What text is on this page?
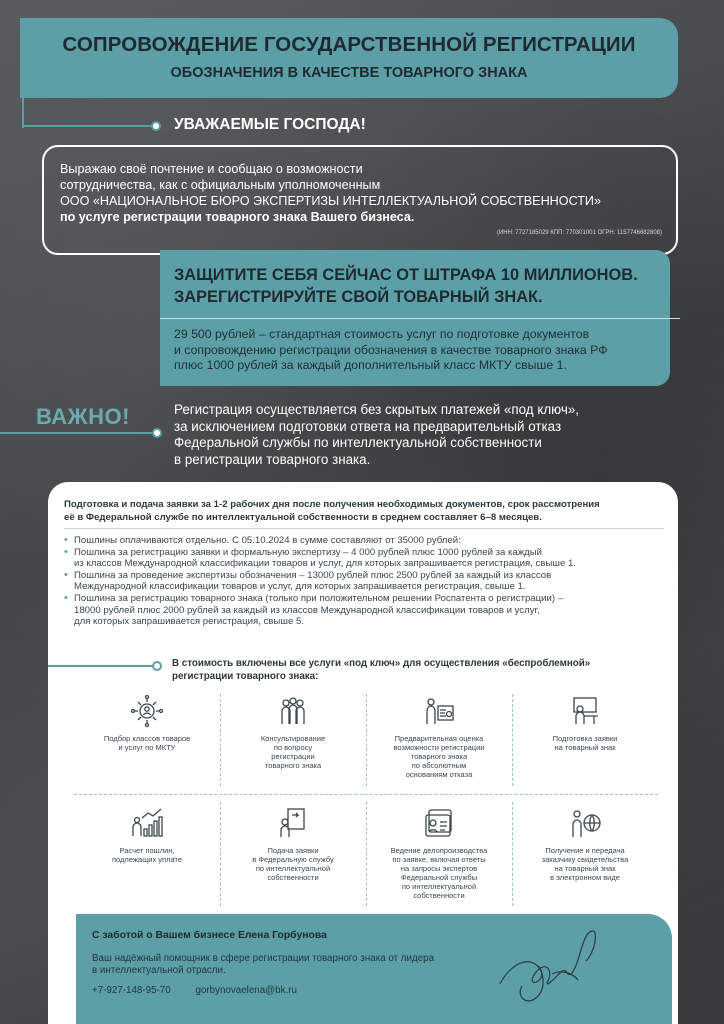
СОПРОВОЖДЕНИЕ ГОСУДАРСТВЕННОЙ РЕГИСТРАЦИИ
ОБОЗНАЧЕНИЯ В КАЧЕСТВЕ ТОВАРНОГО ЗНАКА
УВАЖАЕМЫЕ ГОСПОДА!
Выражаю своё почтение и сообщаю о возможности
сотрудничества, как с официальным уполномоченным
ООО «НАЦИОНАЛЬНОЕ БЮРО ЭКСПЕРТИЗЫ ИНТЕЛЛЕКТУАЛЬНОЙ СОБСТВЕННОСТИ»
по услуге регистрации товарного знака Вашего бизнеса.
(ИНН: 7727185029 КПП: 770301001 ОГРН: 1157746682808)
ЗАЩИТИТЕ СЕБЯ СЕЙЧАС ОТ ШТРАФА 10 МИЛЛИОНОВ.
ЗАРЕГИСТРИРУЙТЕ СВОЙ ТОВАРНЫЙ ЗНАК.
29 500 рублей – стандартная стоимость услуг по подготовке документов
и сопровождению регистрации обозначения в качестве товарного знака РФ
плюс 1000 рублей за каждый дополнительный класс МКТУ свыше 1.
ВАЖНО!	Регистрация осуществляется без скрытых платежей «под ключ»,
за исключением подготовки ответа на предварительный отказ
Федеральной службы по интеллектуальной собственности
в регистрации товарного знака.
Подготовка и подача заявки за 1-2 рабочих дня после получения необходимых документов, срок рассмотрения
её в Федеральной службе по интеллектуальной собственности в среднем составляет 6–8 месяцев.
• Пошлины оплачиваются отдельно. С 05.10.2024 в сумме составляют от 35000 рублей:
• Пошлина за регистрацию заявки и формальную экспертизу – 4 000 рублей плюс 1000 рублей за каждый
из классов Международной классификации товаров и услуг, для которых запрашивается регистрация, свыше 1.
• Пошлина за проведение экспертизы обозначения – 13000 рублей плюс 2500 рублей за каждый из классов
Международной классификации товаров и услуг, для которых запрашивается регистрация, свыше 1.
• Пошлина за регистрацию товарного знака (только при положительном решении Роспатента о регистрации) –
18000 рублей плюс 2000 рублей за каждый из классов Международной классификации товаров и услуг,
для которых запрашивается регистрация, свыше 5.
В стоимость включены все услуги «под ключ» для осуществления «беспроблемной»
регистрации товарного знака:
Подбор классов товаров
и услуг по МКТУ
Консультирование
по вопросу
регистрации
товарного знака
Предварительная оценка
возможности регистрации
товарного знака
по абсолютным
основаниям отказа
Подготовка заявки
на товарный знак
Расчет пошлин,
подлежащих уплате
Подача заявки
в Федеральную службу
по интеллектуальной
собственности
Ведение делопроизводства
по заявке, включая ответы
на запросы экспертов
Федеральной службы
по интеллектуальной
собственности
Получение и передача
заказчику свидетельства
на товарный знак
в электронном виде
С заботой о Вашем бизнесе Елена Горбунова
Ваш надёжный помощник в сфере регистрации товарного знака от лидера
в интеллектуальной отрасли.
+7-927-148-95-70	gorbynovaelena@bk.ru
